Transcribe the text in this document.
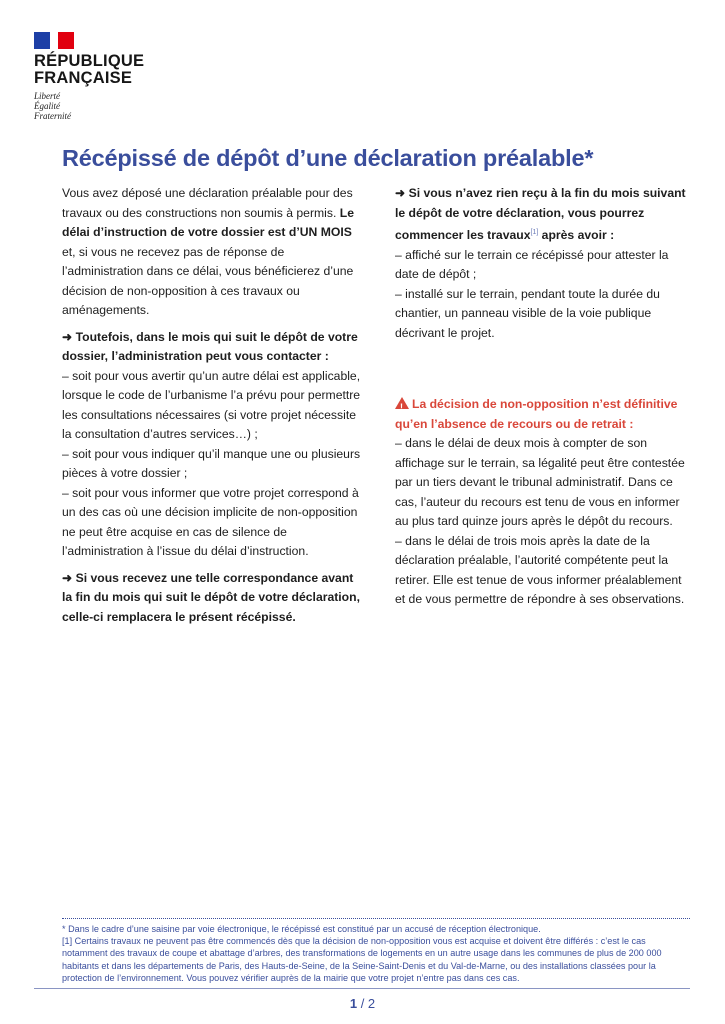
RÉPUBLIQUE
FRANÇAISE
Liberté
Égalité
Fraternité
Récépissé de dépôt d’une déclaration préalable*

Vous avez déposé une déclaration préalable pour des travaux ou des constructions non soumis à permis. Le délai d’instruction de votre dossier est d’UN MOIS et, si vous ne recevez pas de réponse de l’administration dans ce délai, vous bénéficierez d’une décision de non-opposition à ces travaux ou aménagements.

➜ Toutefois, dans le mois qui suit le dépôt de votre dossier, l’administration peut vous contacter :
– soit pour vous avertir qu’un autre délai est applicable, lorsque le code de l’urbanisme l’a prévu pour permettre les consultations nécessaires (si votre projet nécessite la consultation d’autres services…) ;
– soit pour vous indiquer qu’il manque une ou plusieurs pièces à votre dossier ;
– soit pour vous informer que votre projet correspond à un des cas où une décision implicite de non-opposition ne peut être acquise en cas de silence de l’administration à l’issue du délai d’instruction.

➜ Si vous recevez une telle correspondance avant la fin du mois qui suit le dépôt de votre déclaration, celle-ci remplacera le présent récépissé.

➜ Si vous n’avez rien reçu à la fin du mois suivant le dépôt de votre déclaration, vous pourrez commencer les travaux[1] après avoir :
– affiché sur le terrain ce récépissé pour attester la date de dépôt ;
– installé sur le terrain, pendant toute la durée du chantier, un panneau visible de la voie publique décrivant le projet.

!La décision de non-opposition n’est définitive qu’en l’absence de recours ou de retrait :
– dans le délai de deux mois à compter de son affichage sur le terrain, sa légalité peut être contestée par un tiers devant le tribunal administratif. Dans ce cas, l’auteur du recours est tenu de vous en informer au plus tard quinze jours après le dépôt du recours.
– dans le délai de trois mois après la date de la déclaration préalable, l’autorité compétente peut la retirer. Elle est tenue de vous informer préalablement et de vous permettre de répondre à ses observations.

* Dans le cadre d’une saisine par voie électronique, le récépissé est constitué par un accusé de réception électronique.

[1] Certains travaux ne peuvent pas être commencés dès que la décision de non-opposition vous est acquise et doivent être différés : c’est le cas notamment des travaux de coupe et abattage d’arbres, des transformations de logements en un autre usage dans les communes de plus de 200 000 habitants et dans les départements de Paris, des Hauts-de-Seine, de la Seine-Saint-Denis et du Val-de-Marne, ou des installations classées pour la protection de l’environnement. Vous pouvez vérifier auprès de la mairie que votre projet n’entre pas dans ces cas.

1 / 2
